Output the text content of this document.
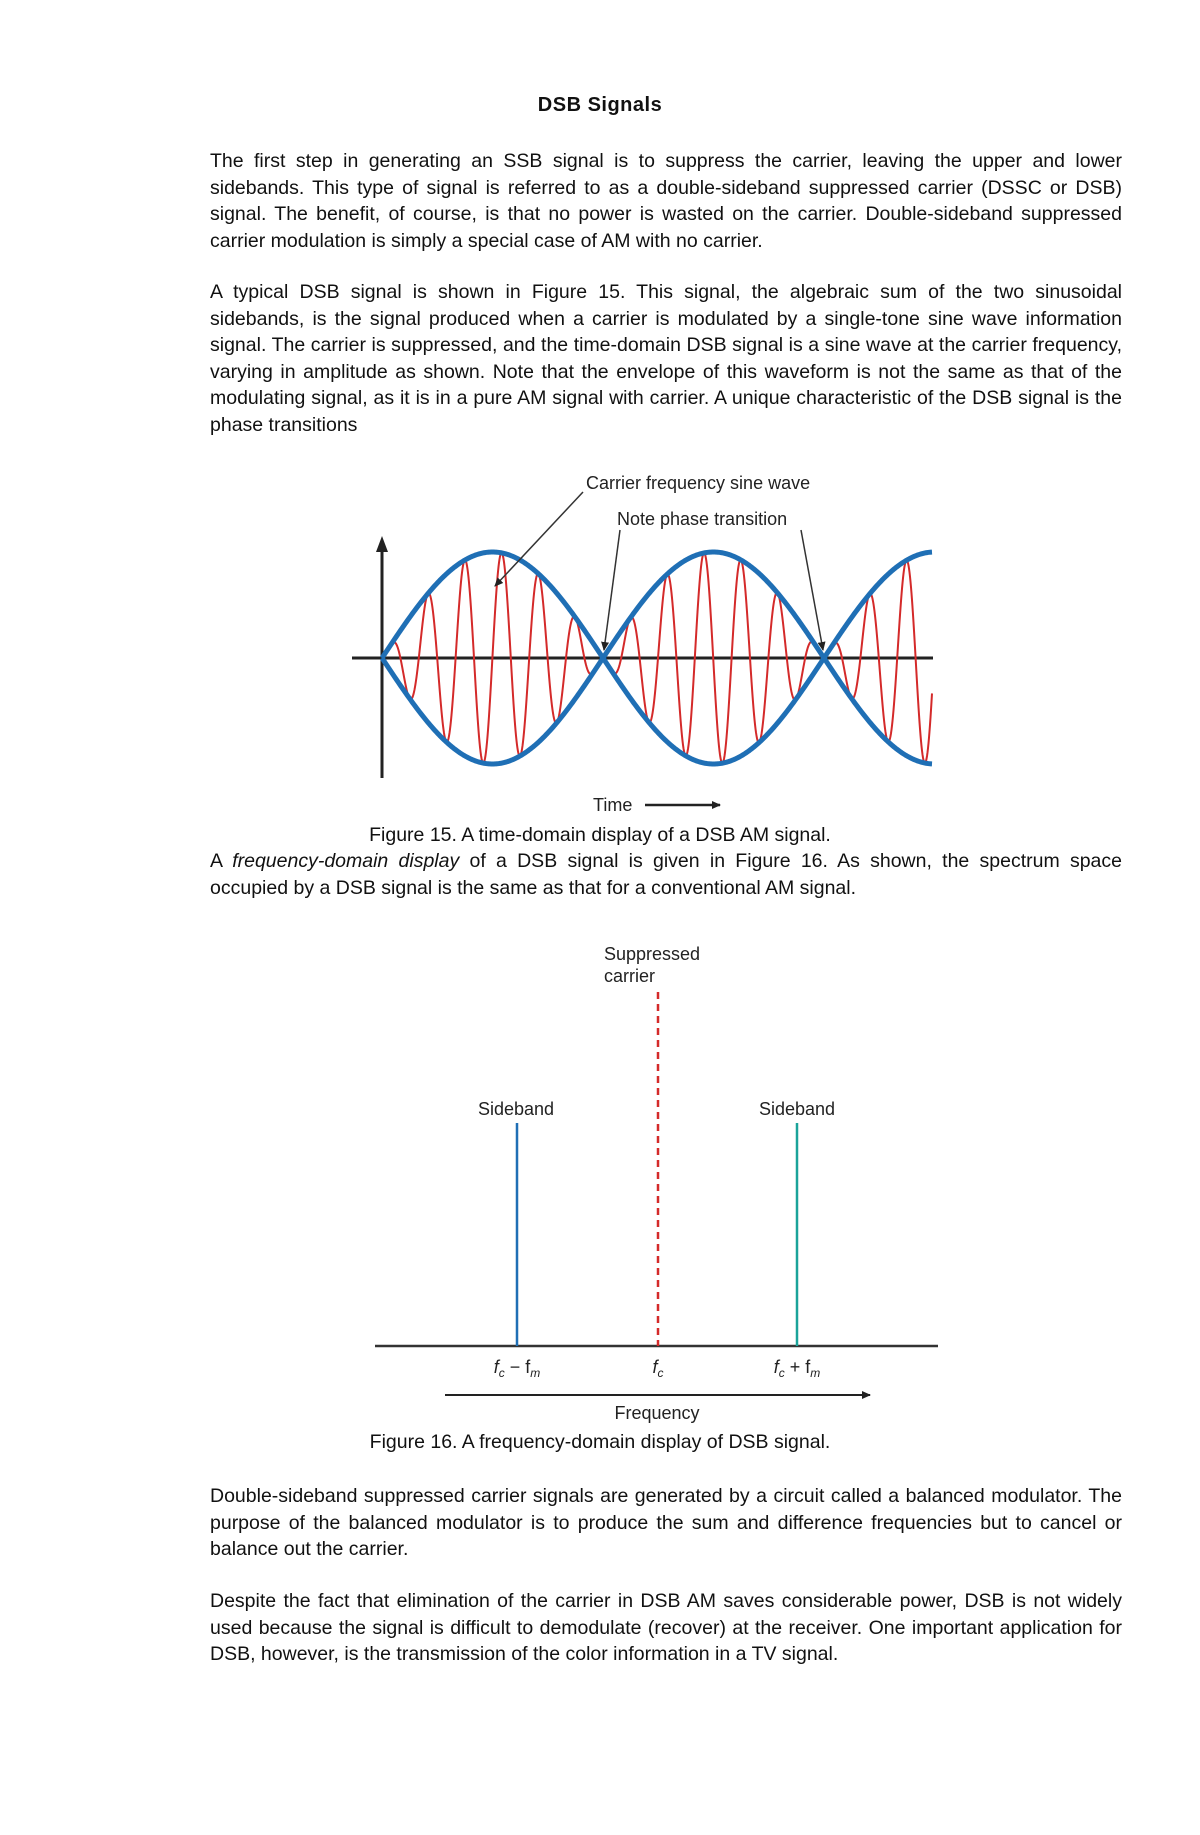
DSB Signals
The first step in generating an SSB signal is to suppress the carrier, leaving the upper and lower sidebands. This type of signal is referred to as a double-sideband suppressed carrier (DSSC or DSB) signal. The benefit, of course, is that no power is wasted on the carrier. Double-sideband suppressed carrier modulation is simply a special case of AM with no carrier.
A typical DSB signal is shown in Figure 15. This signal, the algebraic sum of the two sinusoidal sidebands, is the signal produced when a carrier is modulated by a single-tone sine wave information signal. The carrier is suppressed, and the time-domain DSB signal is a sine wave at the carrier frequency, varying in amplitude as shown. Note that the envelope of this waveform is not the same as that of the modulating signal, as it is in a pure AM signal with carrier. A unique characteristic of the DSB signal is the phase transitions
Carrier frequency sine wave
Note phase transition
Time
Suppressed
carrier
Sideband	Sideband
$f_c - f_m$	$f_c$	$f_c + f_m$
Frequency
Figure 15. A time-domain display of a DSB AM signal.
A frequency-domain display of a DSB signal is given in Figure 16. As shown, the spectrum space occupied by a DSB signal is the same as that for a conventional AM signal.
Figure 16. A frequency-domain display of DSB signal.
Double-sideband suppressed carrier signals are generated by a circuit called a balanced modulator. The purpose of the balanced modulator is to produce the sum and difference frequencies but to cancel or balance out the carrier.
Despite the fact that elimination of the carrier in DSB AM saves considerable power, DSB is not widely used because the signal is difficult to demodulate (recover) at the receiver. One important application for DSB, however, is the transmission of the color information in a TV signal.
